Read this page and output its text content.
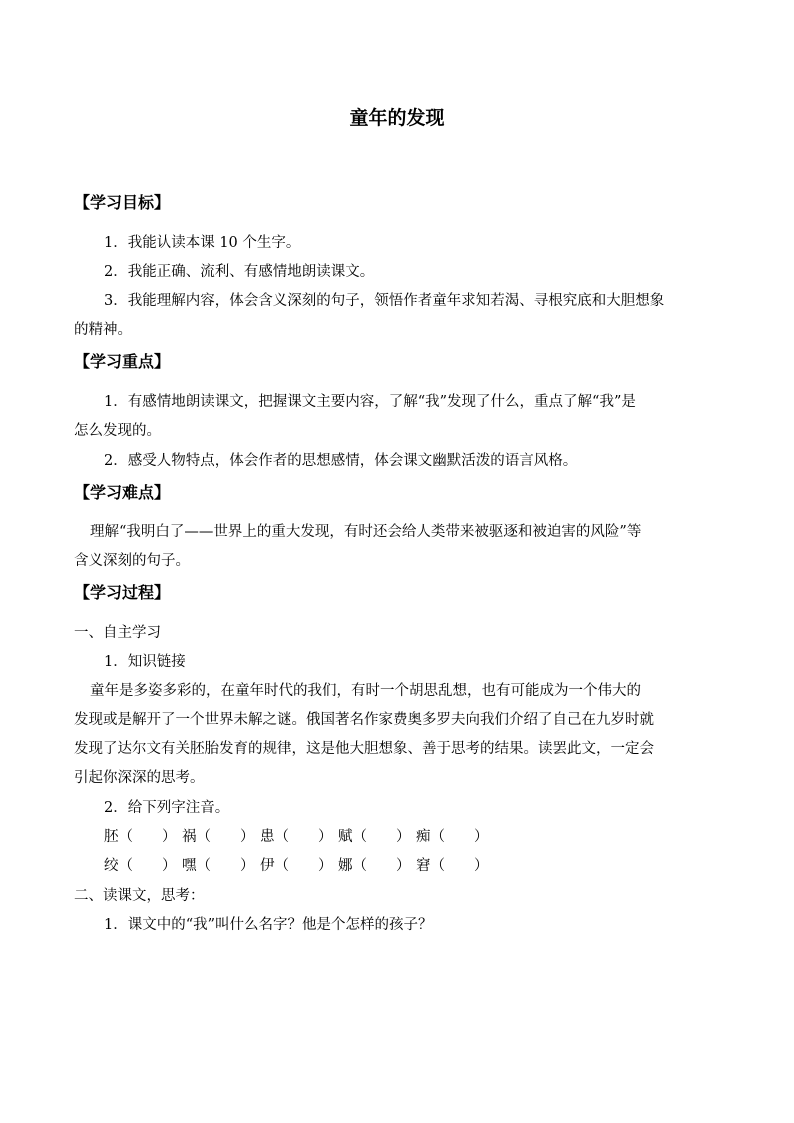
童年的发现
【学习目标】
1．我能认读本课 10 个生字。
2．我能正确、流利、有感情地朗读课文。
3．我能理解内容，体会含义深刻的句子，领悟作者童年求知若渴、寻根究底和大胆想象
的精神。
【学习重点】
1．有感情地朗读课文，把握课文主要内容，了解“我”发现了什么，重点了解“我”是
怎么发现的。
2．感受人物特点，体会作者的思想感情，体会课文幽默活泼的语言风格。
【学习难点】
理解“我明白了——世界上的重大发现，有时还会给人类带来被驱逐和被迫害的风险”等
含义深刻的句子。
【学习过程】
一、自主学习
1．知识链接
童年是多姿多彩的，在童年时代的我们，有时一个胡思乱想，也有可能成为一个伟大的
发现或是解开了一个世界未解之谜。俄国著名作家费奥多罗夫向我们介绍了自己在九岁时就
发现了达尔文有关胚胎发育的规律，这是他大胆想象、善于思考的结果。读罢此文，一定会
引起你深深的思考。
2．给下列字注音。
胚（　　） 祸（　　） 患（　　） 赋（　　） 痴（　　）
绞（　　） 嘿（　　） 伊（　　） 娜（　　） 窘（　　）
二、读课文，思考：
1．课文中的“我”叫什么名字？他是个怎样的孩子？
